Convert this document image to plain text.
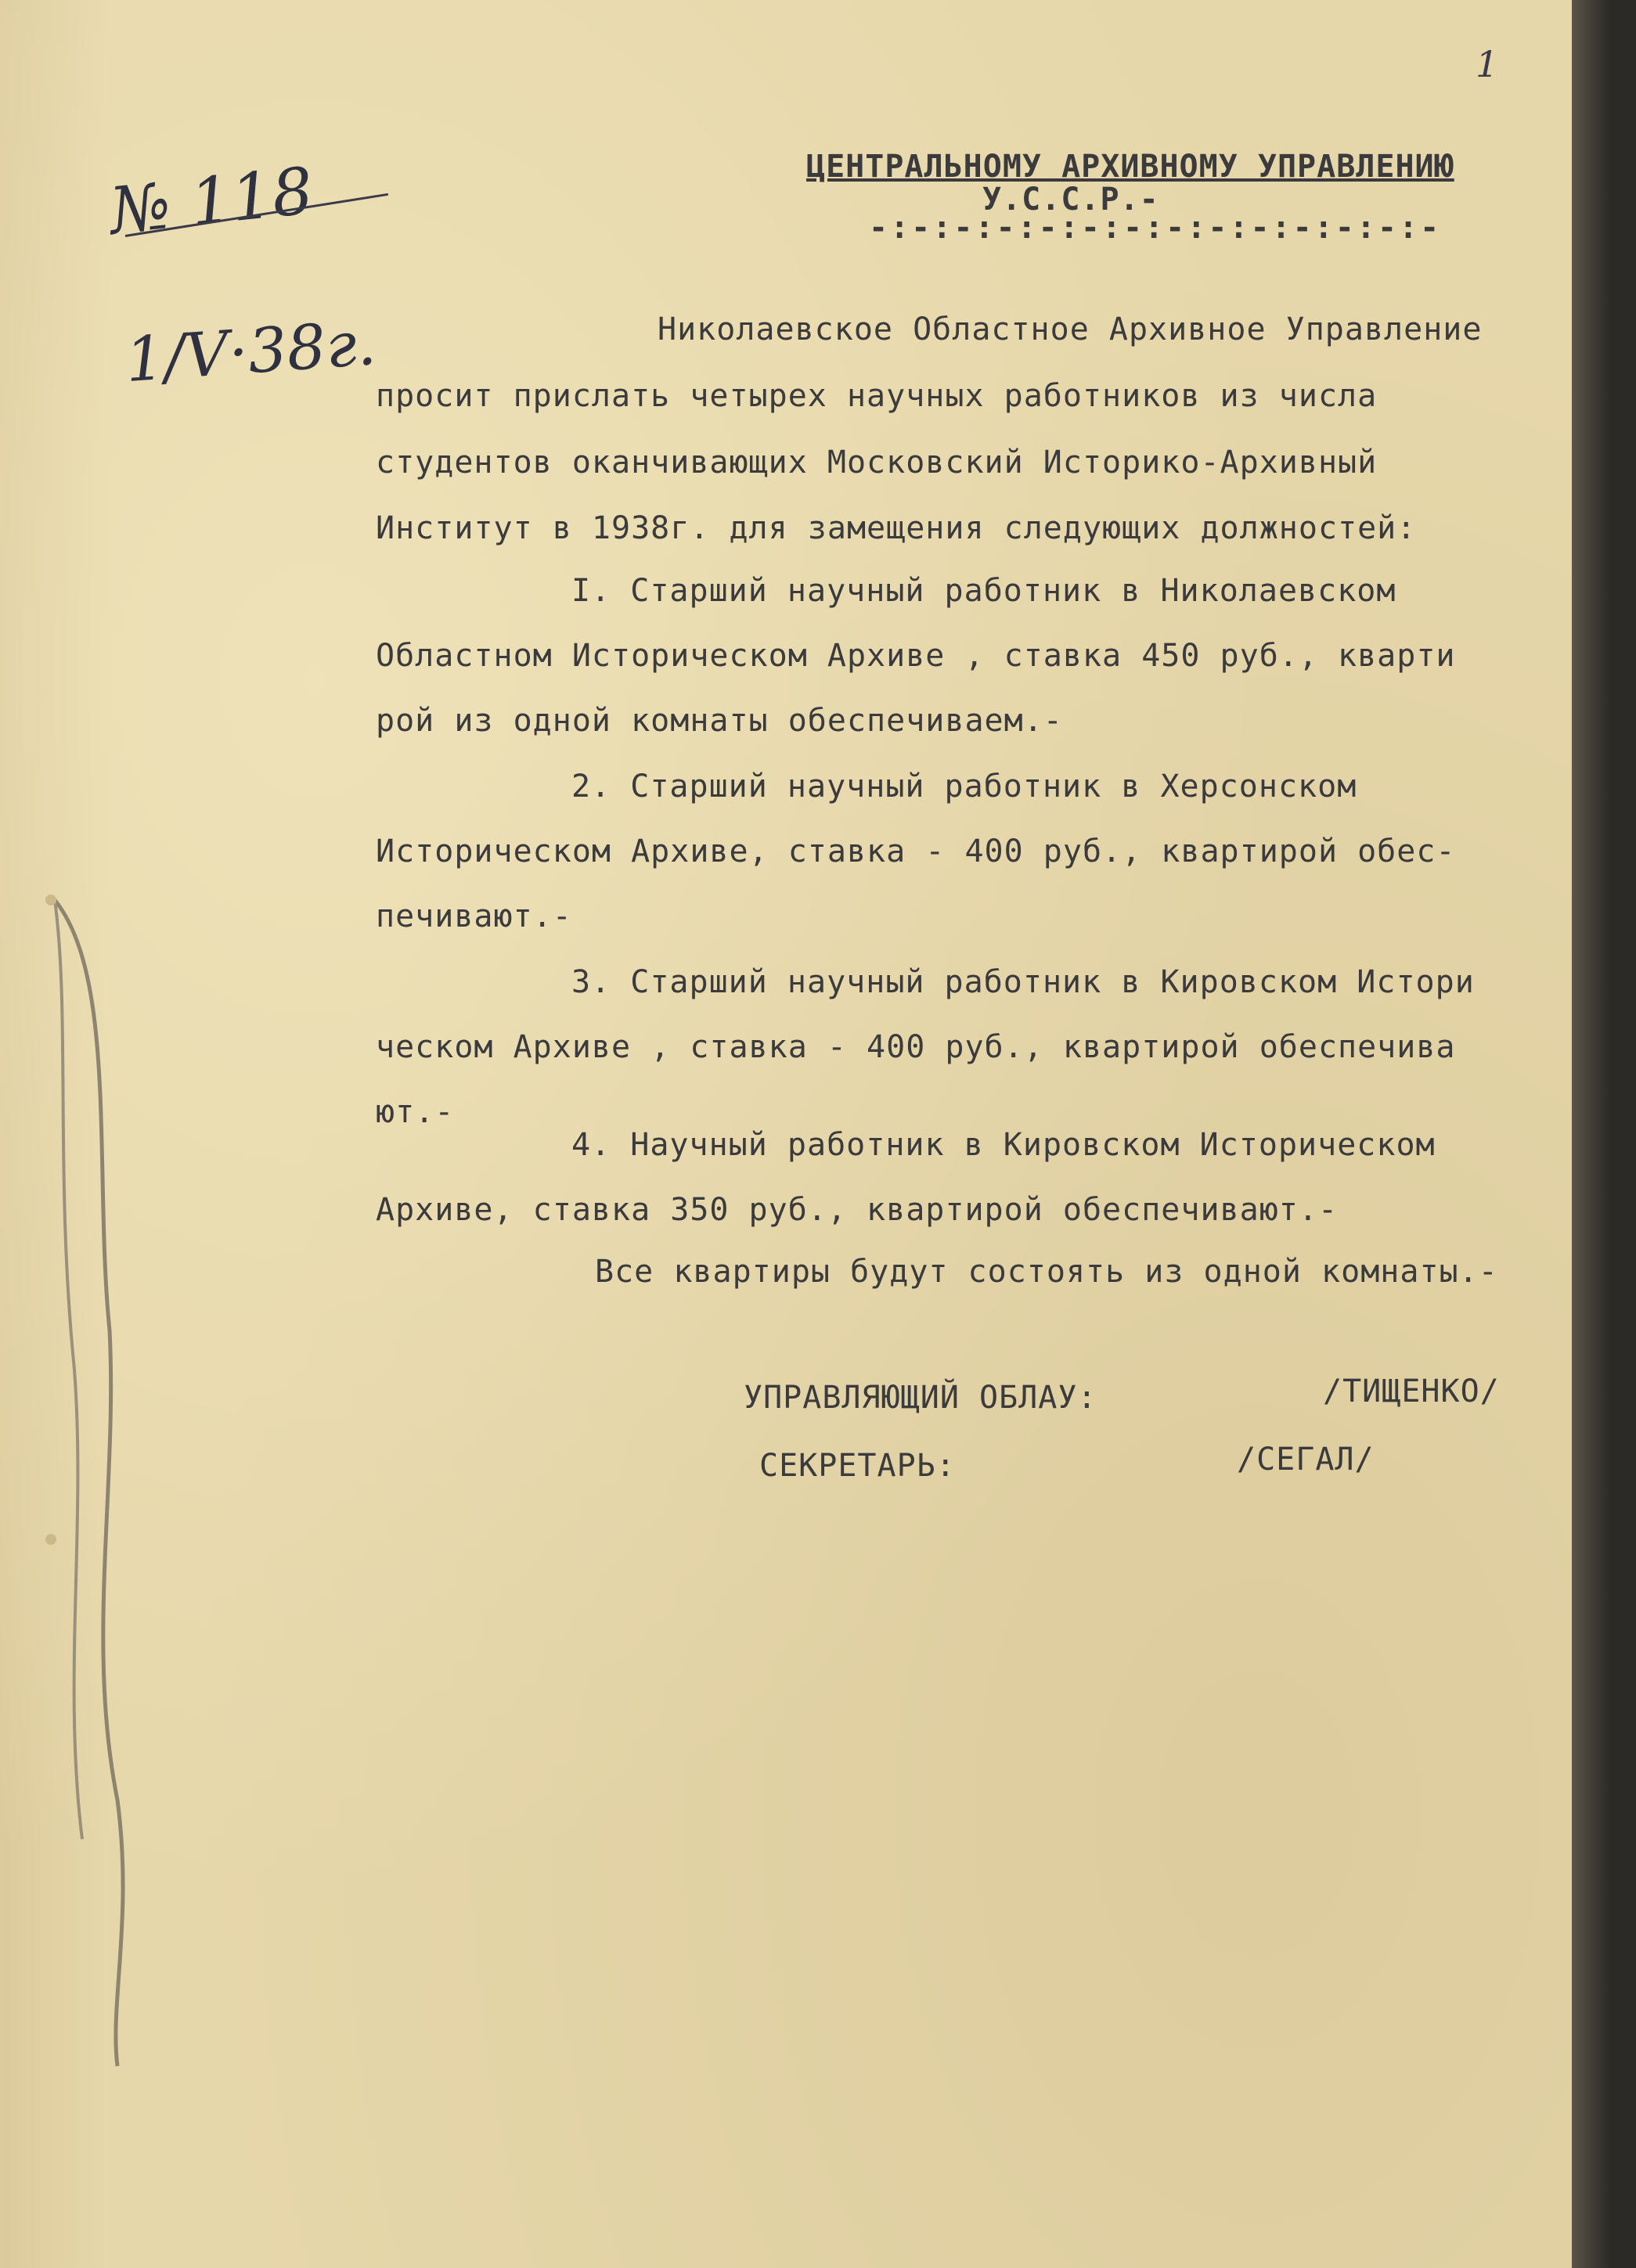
1
№ 118
1/V·38г.
ЦЕНТРАЛЬНОМУ АРХИВНОМУ УПРАВЛЕНИЮ
У.С.С.Р.-
-:-:-:-:-:-:-:-:-:-:-:-:-:-
Николаевское Областное Архивное Управление
просит прислать четырех научных работников из числа
студентов оканчивающих Московский Историко-Архивный
Институт в 1938г. для замещения следующих должностей:
I. Старший научный работник в Николаевском
Областном Историческом Архиве , ставка 450 руб., кварти
рой из одной комнаты обеспечиваем.-
2. Старший научный работник в Херсонском
Историческом Архиве, ставка - 400 руб., квартирой обес-
печивают.-
3. Старший научный работник в Кировском Истори
ческом Архиве , ставка - 400 руб., квартирой обеспечива
ют.-
4. Научный работник в Кировском Историческом
Архиве, ставка 350 руб., квартирой обеспечивают.-
Все квартиры будут состоять из одной комнаты.-
УПРАВЛЯЮЩИЙ ОБЛАУ:	/ТИЩЕНКО/
СЕКРЕТАРЬ:	/СЕГАЛ/
